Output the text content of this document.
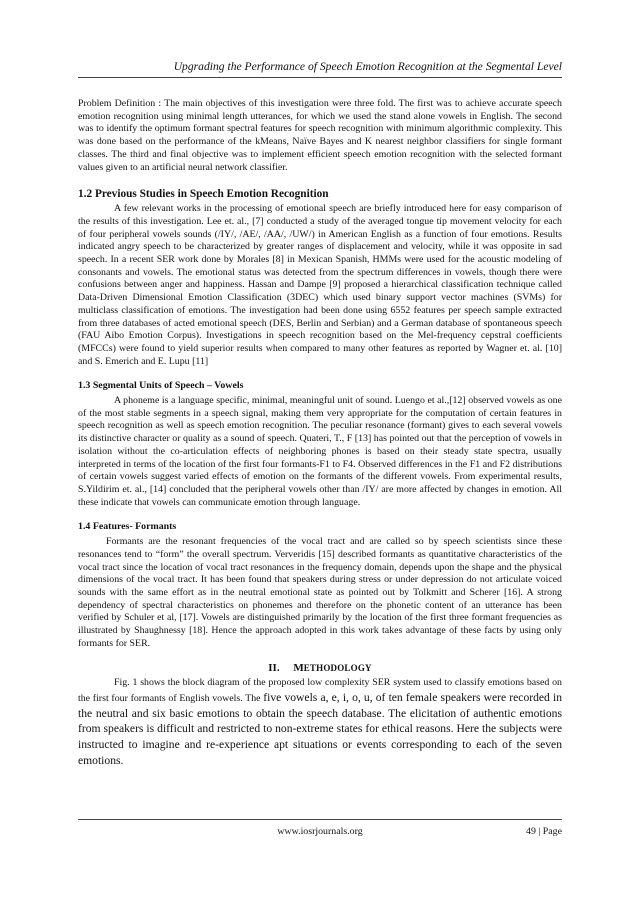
Upgrading the Performance of Speech Emotion Recognition at the Segmental Level

Problem Definition : The main objectives of this investigation were three fold. The first was to achieve accurate speech emotion recognition using minimal length utterances, for which we used the stand alone vowels in English. The second was to identify the optimum formant spectral features for speech recognition with minimum algorithmic complexity. This was done based on the performance of the kMeans, Naïve Bayes and K nearest neighbor classifiers for single formant classes. The third and final objective was to implement efficient speech emotion recognition with the selected formant values given to an artificial neural network classifier.

1.2 Previous Studies in Speech Emotion Recognition

A few relevant works in the processing of emotional speech are briefly introduced here for easy comparison of the results of this investigation. Lee et. al., [7] conducted a study of the averaged tongue tip movement velocity for each of four peripheral vowels sounds (/IY/, /AE/, /AA/, /UW/) in American English as a function of four emotions. Results indicated angry speech to be characterized by greater ranges of displacement and velocity, while it was opposite in sad speech. In a recent SER work done by Morales [8] in Mexican Spanish, HMMs were used for the acoustic modeling of consonants and vowels. The emotional status was detected from the spectrum differences in vowels, though there were confusions between anger and happiness. Hassan and Dampe [9] proposed a hierarchical classification technique called Data-Driven Dimensional Emotion Classification (3DEC) which used binary support vector machines (SVMs) for multiclass classification of emotions. The investigation had been done using 6552 features per speech sample extracted from three databases of acted emotional speech (DES, Berlin and Serbian) and a German database of spontaneous speech (FAU Aibo Emotion Corpus). Investigations in speech recognition based on the Mel-frequency cepstral coefficients (MFCCs) were found to yield superior results when compared to many other features as reported by Wagner et. al. [10] and S. Emerich and E. Lupu [11]

1.3 Segmental Units of Speech – Vowels

A phoneme is a language specific, minimal, meaningful unit of sound. Luengo et al.,[12] observed vowels as one of the most stable segments in a speech signal, making them very appropriate for the computation of certain features in speech recognition as well as speech emotion recognition. The peculiar resonance (formant) gives to each several vowels its distinctive character or quality as a sound of speech. Quateri, T., F [13] has pointed out that the perception of vowels in isolation without the co-articulation effects of neighboring phones is based on their steady state spectra, usually interpreted in terms of the location of the first four formants-F1 to F4. Observed differences in the F1 and F2 distributions of certain vowels suggest varied effects of emotion on the formants of the different vowels. From experimental results, S.Yildirim et. al., [14] concluded that the peripheral vowels other than /IY/ are more affected by changes in emotion. All these indicate that vowels can communicate emotion through language.

1.4 Features- Formants

Formants are the resonant frequencies of the vocal tract and are called so by speech scientists since these resonances tend to “form” the overall spectrum. Ververidis [15] described formants as quantitative characteristics of the vocal tract since the location of vocal tract resonances in the frequency domain, depends upon the shape and the physical dimensions of the vocal tract. It has been found that speakers during stress or under depression do not articulate voiced sounds with the same effort as in the neutral emotional state as pointed out by Tolkmitt and Scherer [16]. A strong dependency of spectral characteristics on phonemes and therefore on the phonetic content of an utterance has been verified by Schuler et al, [17]. Vowels are distinguished primarily by the location of the first three formant frequencies as illustrated by Shaughnessy [18]. Hence the approach adopted in this work takes advantage of these facts by using only formants for SER.

II. METHODOLOGY

Fig. 1 shows the block diagram of the proposed low complexity SER system used to classify emotions based on the first four formants of English vowels. The five vowels a, e, i, o, u, of ten female speakers were recorded in the neutral and six basic emotions to obtain the speech database. The elicitation of authentic emotions from speakers is difficult and restricted to non-extreme states for ethical reasons. Here the subjects were instructed to imagine and re-experience apt situations or events corresponding to each of the seven emotions.

www.iosrjournals.org	49 | Page
